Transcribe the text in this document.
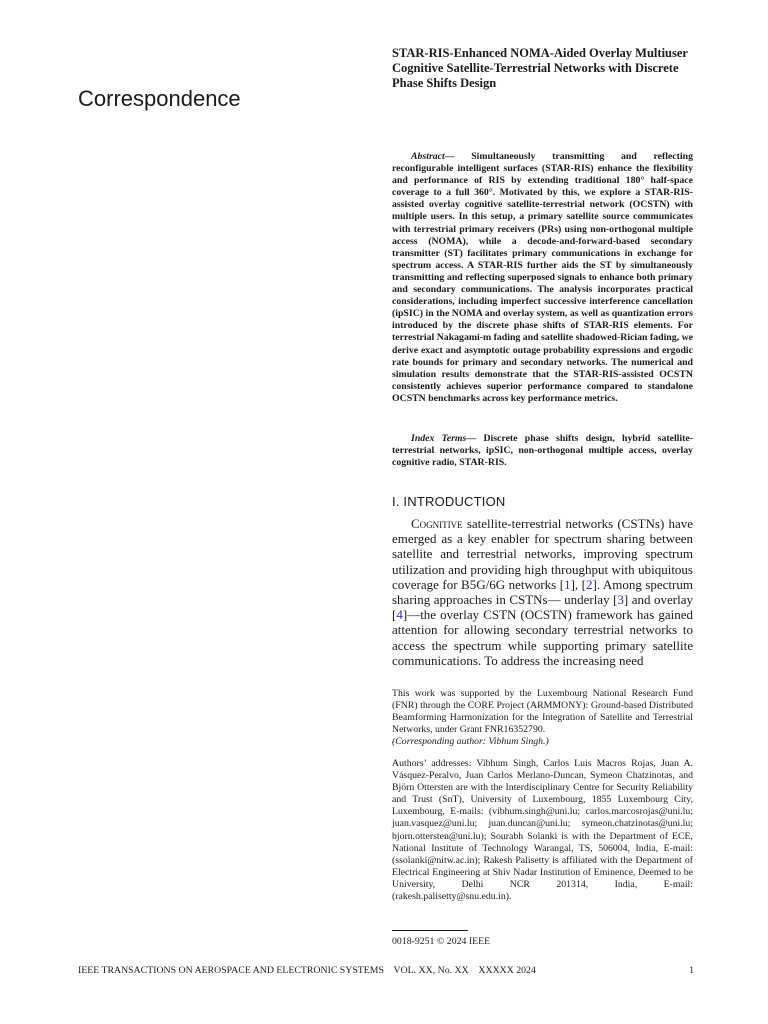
Correspondence
STAR-RIS-Enhanced NOMA-Aided Overlay Multiuser Cognitive Satellite-Terrestrial Networks with Discrete Phase Shifts Design

Abstract— Simultaneously transmitting and reflecting reconfigurable intelligent surfaces (STAR-RIS) enhance the flexibility and performance of RIS by extending traditional 180° half-space coverage to a full 360°. Motivated by this, we explore a STAR-RIS-assisted overlay cognitive satellite-terrestrial network (OCSTN) with multiple users. In this setup, a primary satellite source communicates with terrestrial primary receivers (PRs) using non-orthogonal multiple access (NOMA), while a decode-and-forward-based secondary transmitter (ST) facilitates primary communications in exchange for spectrum access. A STAR-RIS further aids the ST by simultaneously transmitting and reflecting superposed signals to enhance both primary and secondary communications. The analysis incorporates practical considerations, including imperfect successive interference cancellation (ipSIC) in the NOMA and overlay system, as well as quantization errors introduced by the discrete phase shifts of STAR-RIS elements. For terrestrial Nakagami-m fading and satellite shadowed-Rician fading, we derive exact and asymptotic outage probability expressions and ergodic rate bounds for primary and secondary networks. The numerical and simulation results demonstrate that the STAR-RIS-assisted OCSTN consistently achieves superior performance compared to standalone OCSTN benchmarks across key performance metrics.

Index Terms— Discrete phase shifts design, hybrid satellite-terrestrial networks, ipSIC, non-orthogonal multiple access, overlay cognitive radio, STAR-RIS.

I. INTRODUCTION

Cognitive satellite-terrestrial networks (CSTNs) have emerged as a key enabler for spectrum sharing between satellite and terrestrial networks, improving spectrum utilization and providing high throughput with ubiquitous coverage for B5G/6G networks [1], [2]. Among spectrum sharing approaches in CSTNs— underlay [3] and overlay [4]—the overlay CSTN (OCSTN) framework has gained attention for allowing secondary terrestrial networks to access the spectrum while supporting primary satellite communications. To address the increasing need

This work was supported by the Luxembourg National Research Fund (FNR) through the CORE Project (ARMMONY): Ground-based Distributed Beamforming Harmonization for the Integration of Satellite and Terrestrial Networks, under Grant FNR16352790.
(Corresponding author: Vibhum Singh.)

Authors’ addresses: Vibhum Singh, Carlos Luis Macros Rojas, Juan A. Vásquez-Peralvo, Juan Carlos Merlano-Duncan, Symeon Chatzinotas, and Björn Ottersten are with the Interdisciplinary Centre for Security Reliability and Trust (SnT), University of Luxembourg, 1855 Luxembourg City, Luxembourg, E-mails: (vibhum.singh@uni.lu; carlos.marcosrojas@uni.lu; juan.vasquez@uni.lu; juan.duncan@uni.lu; symeon.chatzinotas@uni.lu; bjorn.ottersten@uni.lu); Sourabh Solanki is with the Department of ECE, National Institute of Technology Warangal, TS, 506004, India, E-mail: (ssolanki@nitw.ac.in); Rakesh Palisetty is affiliated with the Department of Electrical Engineering at Shiv Nadar Institution of Eminence, Deemed to be University, Delhi NCR 201314, India, E-mail: (rakesh.palisetty@snu.edu.in).

0018-9251 © 2024 IEEE

IEEE TRANSACTIONS ON AEROSPACE AND ELECTRONIC SYSTEMS    VOL. XX, No. XX    XXXXX 2024	1
